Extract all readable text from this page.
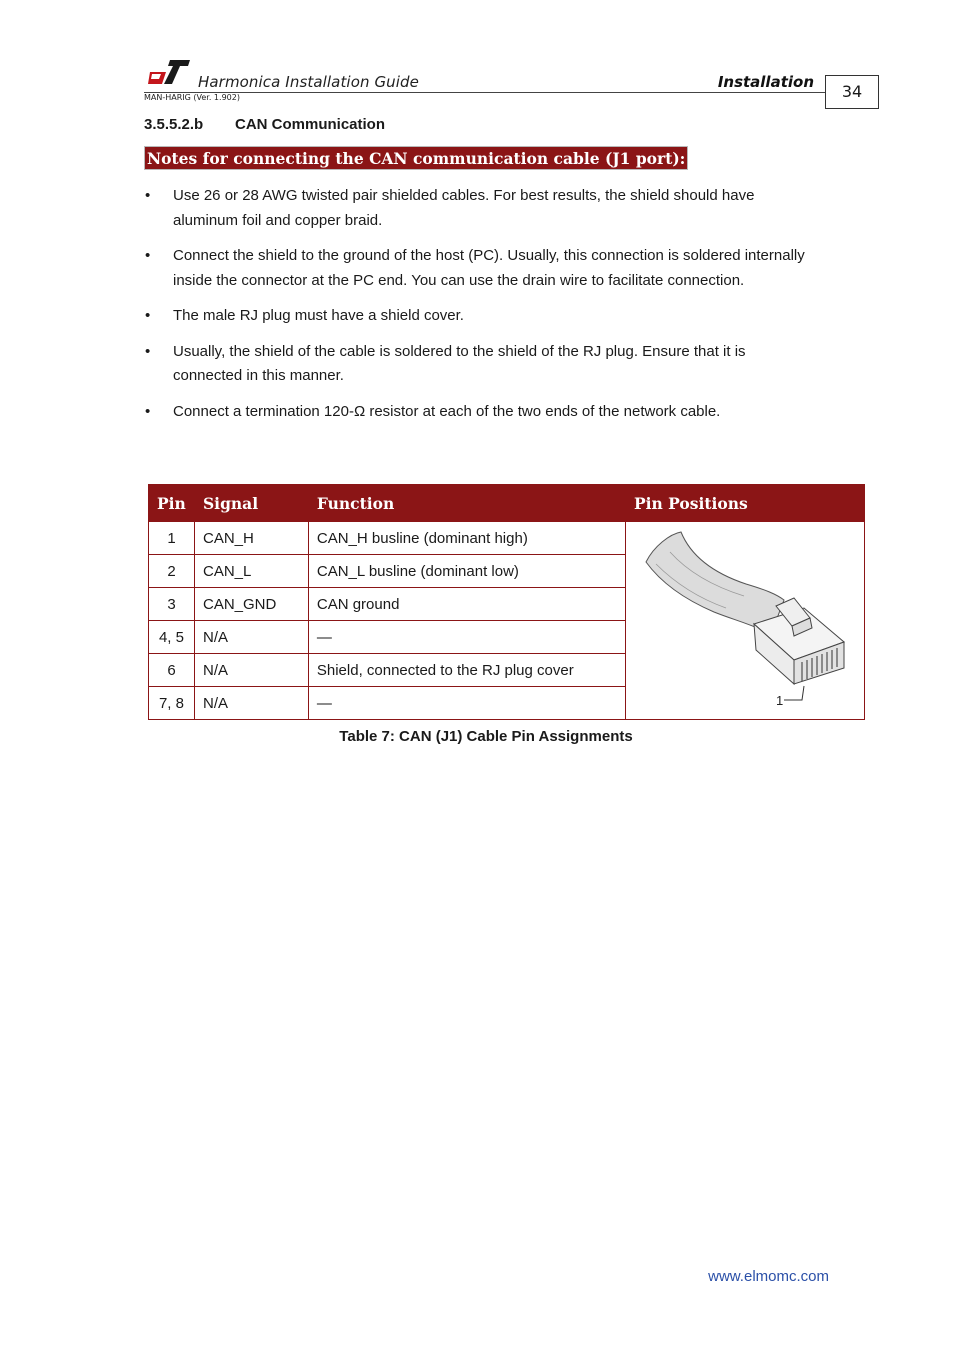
Harmonica Installation Guide	Installation
MAN-HARIG (Ver. 1.902)	34
3.5.5.2.b CAN Communication
Notes for connecting the CAN communication cable (J1 port):
• Use 26 or 28 AWG twisted pair shielded cables. For best results, the shield should have aluminum foil and copper braid.
• Connect the shield to the ground of the host (PC). Usually, this connection is soldered internally inside the connector at the PC end. You can use the drain wire to facilitate connection.
• The male RJ plug must have a shield cover.
• Usually, the shield of the cable is soldered to the shield of the RJ plug. Ensure that it is connected in this manner.
• Connect a termination 120-Ω resistor at each of the two ends of the network cable.
Pin	Signal	Function	Pin Positions
1	CAN_H	CAN_H busline (dominant high)	1

2	CAN_L	CAN_L busline (dominant low)	
3	CAN_GND	CAN ground	
4, 5	N/A	—	
6	N/A	Shield, connected to the RJ plug cover	
7, 8	N/A	—	
Table 7: CAN (J1) Cable Pin Assignments
www.elmomc.com
